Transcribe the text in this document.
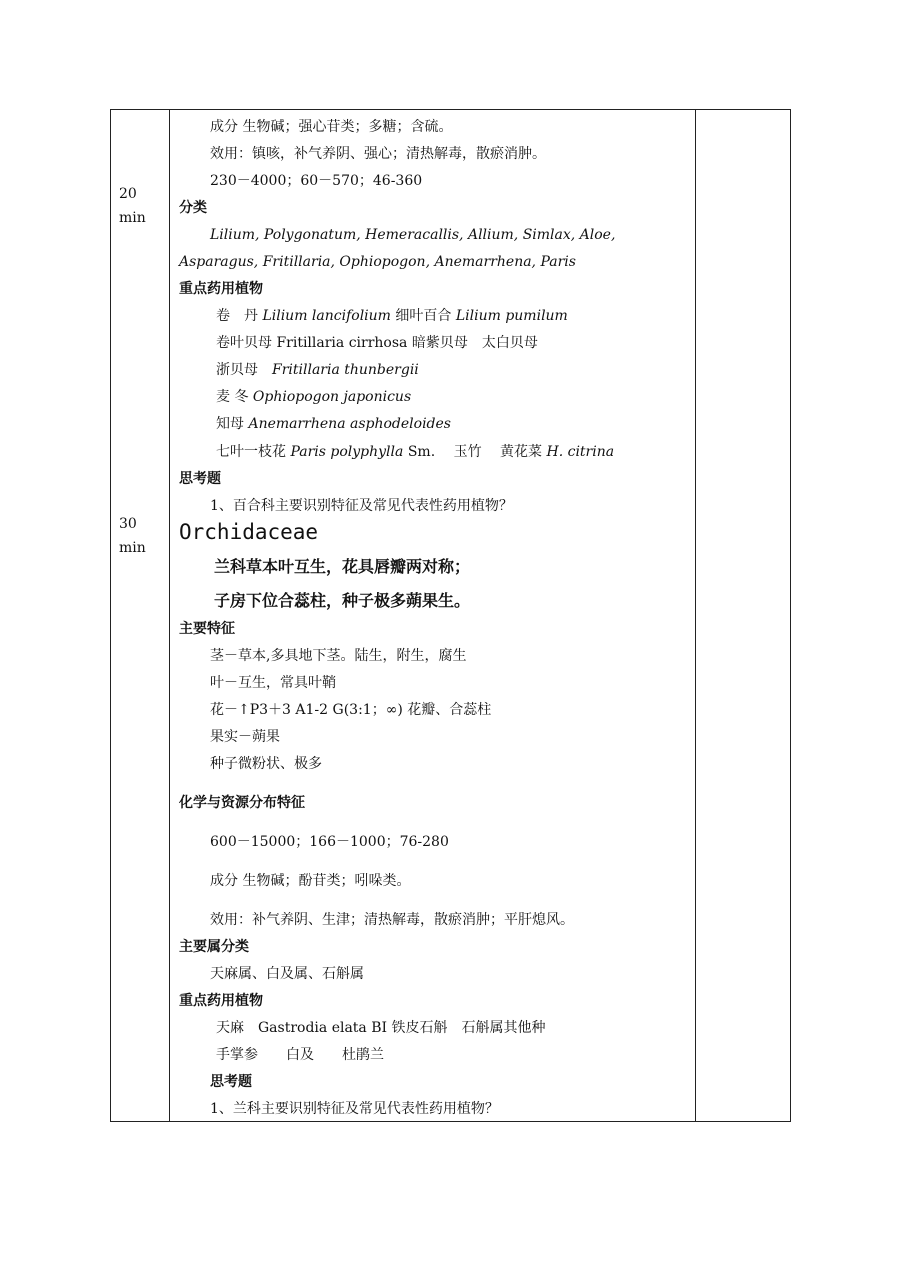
20
min
30
min
成分 生物碱；强心苷类；多糖；含硫。
效用：镇咳，补气养阴、强心；清热解毒，散瘀消肿。
230－4000；60－570；46-360
分类
Lilium, Polygonatum, Hemeracallis, Allium, Simlax, Aloe,
Asparagus, Fritillaria, Ophiopogon, Anemarrhena, Paris
重点药用植物
卷　丹 Lilium lancifolium 细叶百合 Lilium pumilum
卷叶贝母 Fritillaria cirrhosa 暗紫贝母　太白贝母
浙贝母　Fritillaria thunbergii
麦 冬 Ophiopogon japonicus
知母 Anemarrhena asphodeloides
七叶一枝花 Paris polyphylla Sm.　 玉竹　 黄花菜 H. citrina
思考题
1、百合科主要识别特征及常见代表性药用植物？
Orchidaceae
兰科草本叶互生，花具唇瓣两对称；
子房下位合蕊柱，种子极多蒴果生。
主要特征
茎－草本,多具地下茎。陆生，附生，腐生
叶－互生，常具叶鞘
花－↑P3＋3 A1-2 G(3:1；∞) 花瓣、合蕊柱
果实－蒴果
种子微粉状、极多
化学与资源分布特征
600－15000；166－1000；76-280
成分 生物碱；酚苷类；吲哚类。
效用：补气养阴、生津；清热解毒，散瘀消肿；平肝熄风。
主要属分类
天麻属、白及属、石斛属
重点药用植物
天麻　Gastrodia elata BI 铁皮石斛　石斛属其他种
手掌参　　白及　　杜鹃兰
思考题
1、兰科主要识别特征及常见代表性药用植物？
